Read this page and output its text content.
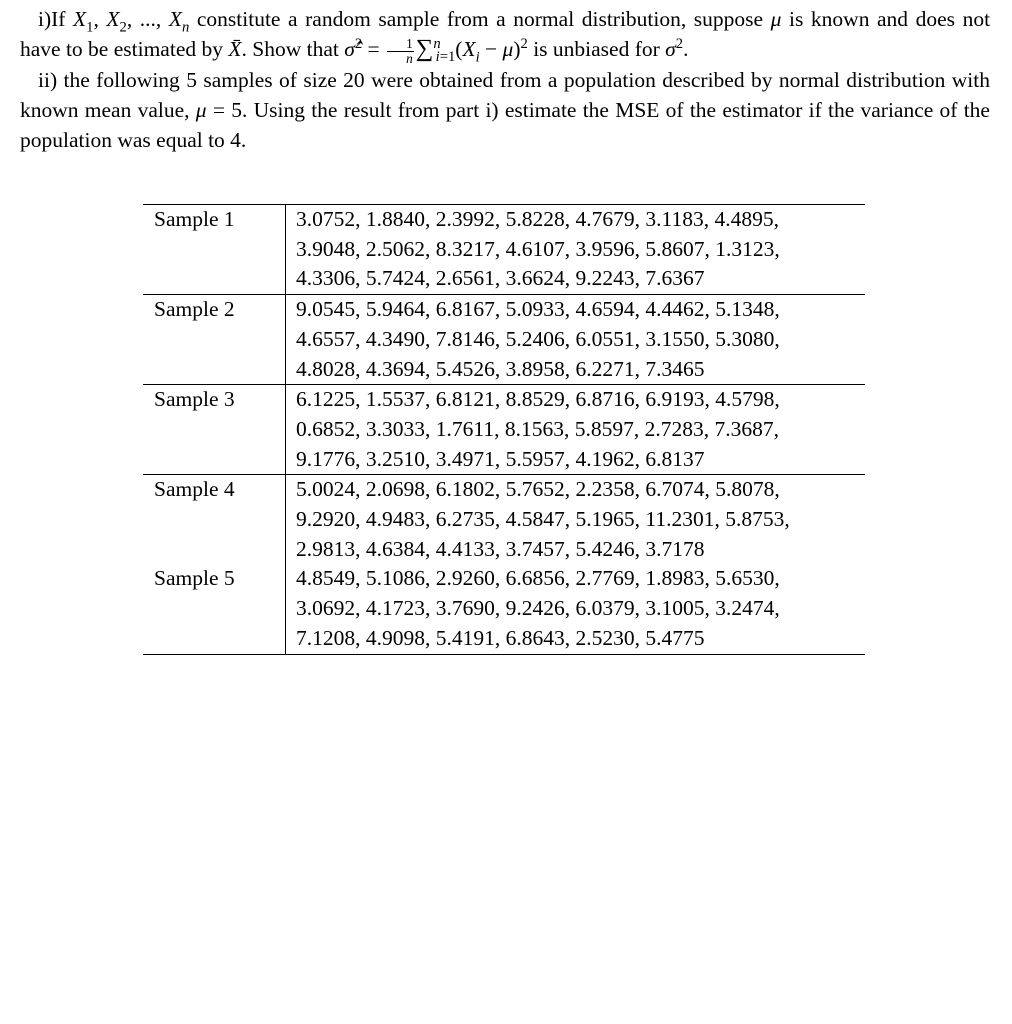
i)If $X_1$, $X_2$, ..., $X_n$ constitute a random sample from a normal distribution, suppose μ is known and does not have to be estimated by X̄. Show that σ̂$^2$ = $\frac{1}{n} \sum^n_{i=1}(X_i - \mu)^2$ is unbiased for $\sigma^2$.

ii) the following 5 samples of size 20 were obtained from a population described by normal distribution with known mean value, μ = 5. Using the result from part i) estimate the MSE of the estimator if the variance of the population was equal to 4.

Sample 1	3.0752, 1.8840, 2.3992, 5.8228, 4.7679, 3.1183, 4.4895,
3.9048, 2.5062, 8.3217, 4.6107, 3.9596, 5.8607, 1.3123,
4.3306, 5.7424, 2.6561, 3.6624, 9.2243, 7.6367

Sample 2	9.0545, 5.9464, 6.8167, 5.0933, 4.6594, 4.4462, 5.1348,
4.6557, 4.3490, 7.8146, 5.2406, 6.0551, 3.1550, 5.3080,
4.8028, 4.3694, 5.4526, 3.8958, 6.2271, 7.3465

Sample 3	6.1225, 1.5537, 6.8121, 8.8529, 6.8716, 6.9193, 4.5798,
0.6852, 3.3033, 1.7611, 8.1563, 5.8597, 2.7283, 7.3687,
9.1776, 3.2510, 3.4971, 5.5957, 4.1962, 6.8137

Sample 4	5.0024, 2.0698, 6.1802, 5.7652, 2.2358, 6.7074, 5.8078,
9.2920, 4.9483, 6.2735, 4.5847, 5.1965, 11.2301, 5.8753,
2.9813, 4.6384, 4.4133, 3.7457, 5.4246, 3.7178

Sample 5	4.8549, 5.1086, 2.9260, 6.6856, 2.7769, 1.8983, 5.6530,
3.0692, 4.1723, 3.7690, 9.2426, 6.0379, 3.1005, 3.2474,
7.1208, 4.9098, 5.4191, 6.8643, 2.5230, 5.4775
